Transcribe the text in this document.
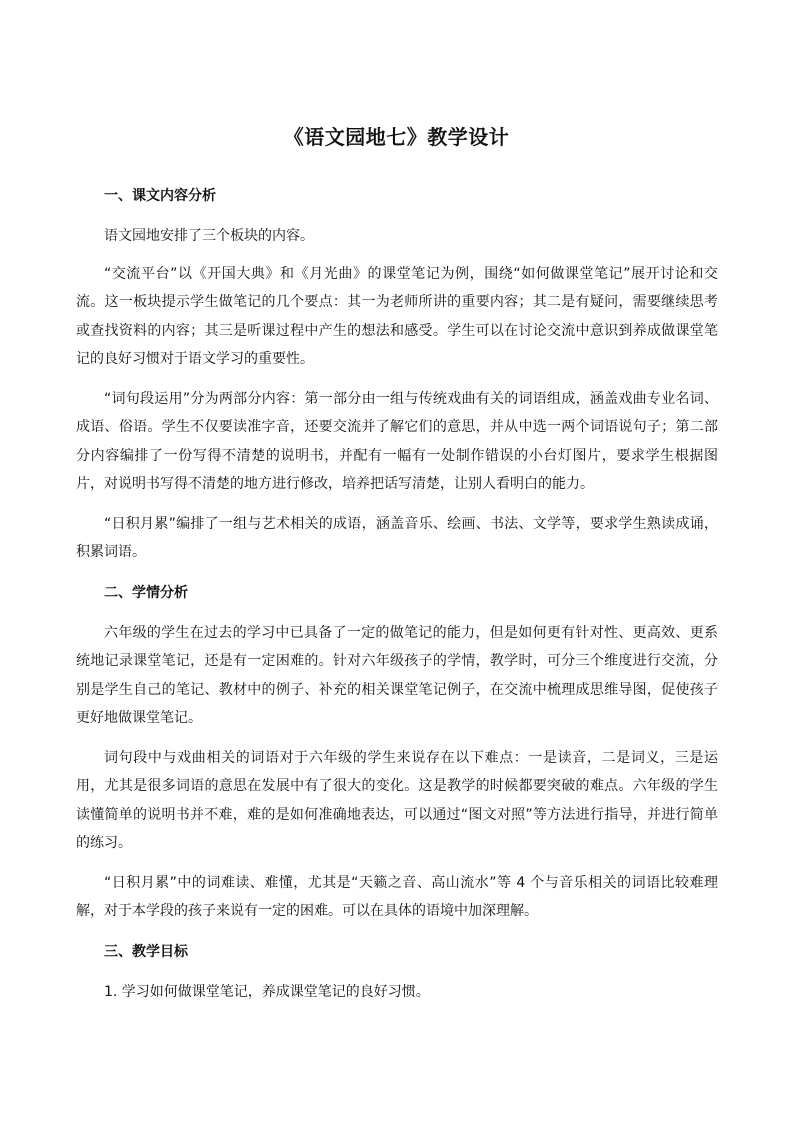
《语文园地七》教学设计
一、课文内容分析
语文园地安排了三个板块的内容。
“交流平台”以《开国大典》和《月光曲》的课堂笔记为例，围绕“如何做课堂笔记”展开讨论和交流。这一板块提示学生做笔记的几个要点：其一为老师所讲的重要内容；其二是有疑问，需要继续思考或查找资料的内容；其三是听课过程中产生的想法和感受。学生可以在讨论交流中意识到养成做课堂笔记的良好习惯对于语文学习的重要性。
“词句段运用”分为两部分内容：第一部分由一组与传统戏曲有关的词语组成，涵盖戏曲专业名词、成语、俗语。学生不仅要读准字音，还要交流并了解它们的意思，并从中选一两个词语说句子；第二部分内容编排了一份写得不清楚的说明书，并配有一幅有一处制作错误的小台灯图片，要求学生根据图片，对说明书写得不清楚的地方进行修改，培养把话写清楚，让别人看明白的能力。
“日积月累”编排了一组与艺术相关的成语，涵盖音乐、绘画、书法、文学等，要求学生熟读成诵，积累词语。
二、学情分析
六年级的学生在过去的学习中已具备了一定的做笔记的能力，但是如何更有针对性、更高效、更系统地记录课堂笔记，还是有一定困难的。针对六年级孩子的学情，教学时，可分三个维度进行交流，分别是学生自己的笔记、教材中的例子、补充的相关课堂笔记例子，在交流中梳理成思维导图，促使孩子更好地做课堂笔记。
词句段中与戏曲相关的词语对于六年级的学生来说存在以下难点：一是读音，二是词义，三是运用，尤其是很多词语的意思在发展中有了很大的变化。这是教学的时候都要突破的难点。六年级的学生读懂简单的说明书并不难，难的是如何准确地表达，可以通过“图文对照”等方法进行指导，并进行简单的练习。
“日积月累”中的词难读、难懂，尤其是“天籁之音、高山流水”等 4 个与音乐相关的词语比较难理解，对于本学段的孩子来说有一定的困难。可以在具体的语境中加深理解。
三、教学目标
1. 学习如何做课堂笔记，养成课堂笔记的良好习惯。
